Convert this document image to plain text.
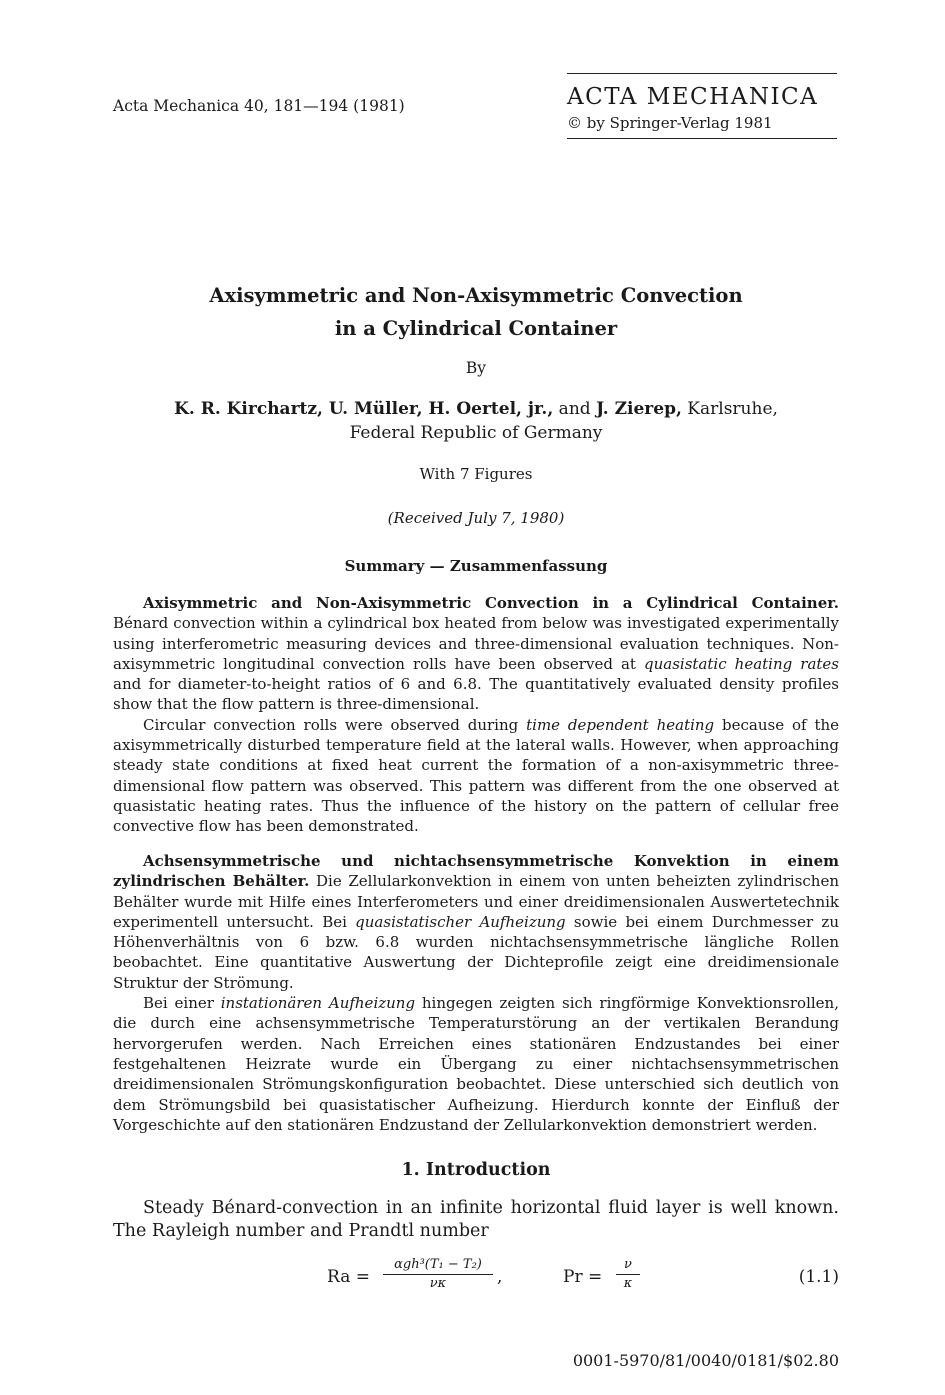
Acta Mechanica 40, 181—194 (1981)	ACTA MECHANICA
© by Springer-Verlag 1981
Axisymmetric and Non-Axisymmetric Convection
in a Cylindrical Container
By
K. R. Kirchartz, U. Müller, H. Oertel, jr., and J. Zierep, Karlsruhe,
Federal Republic of Germany
With 7 Figures
(Received July 7, 1980)
Summary — Zusammenfassung

Axisymmetric and Non-Axisymmetric Convection in a Cylindrical Container. Bénard convection within a cylindrical box heated from below was investigated experimentally using interferometric measuring devices and three-dimensional evaluation techniques. Non-axisymmetric longitudinal convection rolls have been observed at quasistatic heating rates and for diameter-to-height ratios of 6 and 6.8. The quantitatively evaluated density profiles show that the flow pattern is three-dimensional.

Circular convection rolls were observed during time dependent heating because of the axisymmetrically disturbed temperature field at the lateral walls. However, when approaching steady state conditions at fixed heat current the formation of a non-axisymmetric three-dimensional flow pattern was observed. This pattern was different from the one observed at quasistatic heating rates. Thus the influence of the history on the pattern of cellular free convective flow has been demonstrated.

Achsensymmetrische und nichtachsensymmetrische Konvektion in einem zylindrischen Behälter. Die Zellularkonvektion in einem von unten beheizten zylindrischen Behälter wurde mit Hilfe eines Interferometers und einer dreidimensionalen Auswertetechnik experimentell untersucht. Bei quasistatischer Aufheizung sowie bei einem Durchmesser zu Höhenverhältnis von 6 bzw. 6.8 wurden nichtachsensymmetrische längliche Rollen beobachtet. Eine quantitative Auswertung der Dichteprofile zeigt eine dreidimensionale Struktur der Strömung.

Bei einer instationären Aufheizung hingegen zeigten sich ringförmige Konvektionsrollen, die durch eine achsensymmetrische Temperaturstörung an der vertikalen Berandung hervorgerufen werden. Nach Erreichen eines stationären Endzustandes bei einer festgehaltenen Heizrate wurde ein Übergang zu einer nichtachsensymmetrischen dreidimensionalen Strömungskonfiguration beobachtet. Diese unterschied sich deutlich von dem Strömungsbild bei quasistatischer Aufheizung. Hierdurch konnte der Einfluß der Vorgeschichte auf den stationären Endzustand der Zellularkonvektion demonstriert werden.

1. Introduction

Steady Bénard-convection in an infinite horizontal fluid layer is well known. The Rayleigh number and Prandtl number

Ra =
αgh³(T₁ − T₂)
νκ	,	$Pr = \frac{\nu}{\kappa}$	(1.1)
0001-5970/81/0040/0181/$02.80
